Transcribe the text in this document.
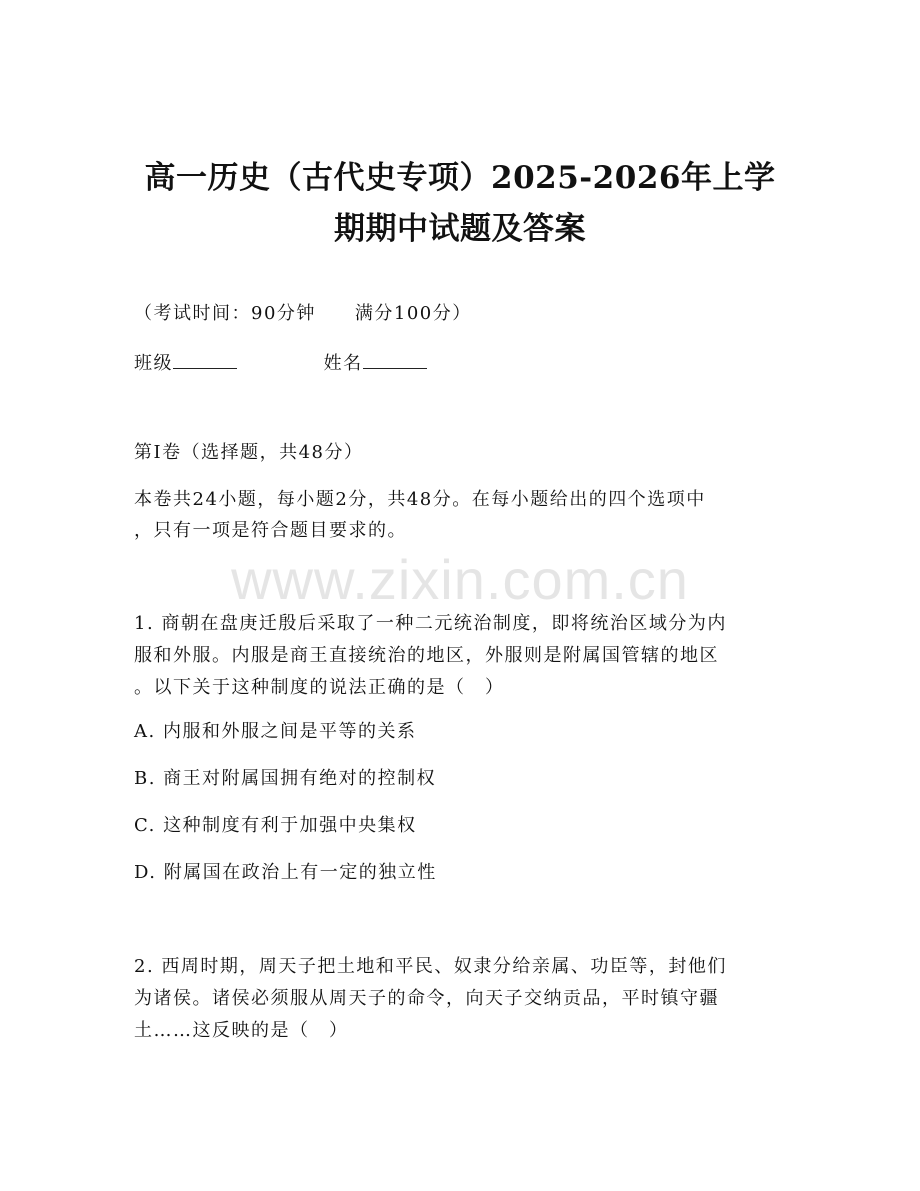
高一历史（古代史专项）2025-2026年上学
期期中试题及答案
（考试时间：90分钟　　满分100分）
班级	姓名
第Ⅰ卷（选择题，共48分）
本卷共24小题，每小题2分，共48分。在每小题给出的四个选项中
，只有一项是符合题目要求的。
www.zixin.com.cn
1. 商朝在盘庚迁殷后采取了一种二元统治制度，即将统治区域分为内
服和外服。内服是商王直接统治的地区，外服则是附属国管辖的地区
。以下关于这种制度的说法正确的是（　）
A. 内服和外服之间是平等的关系
B. 商王对附属国拥有绝对的控制权
C. 这种制度有利于加强中央集权
D. 附属国在政治上有一定的独立性
2. 西周时期，周天子把土地和平民、奴隶分给亲属、功臣等，封他们
为诸侯。诸侯必须服从周天子的命令，向天子交纳贡品，平时镇守疆
土……这反映的是（　）
